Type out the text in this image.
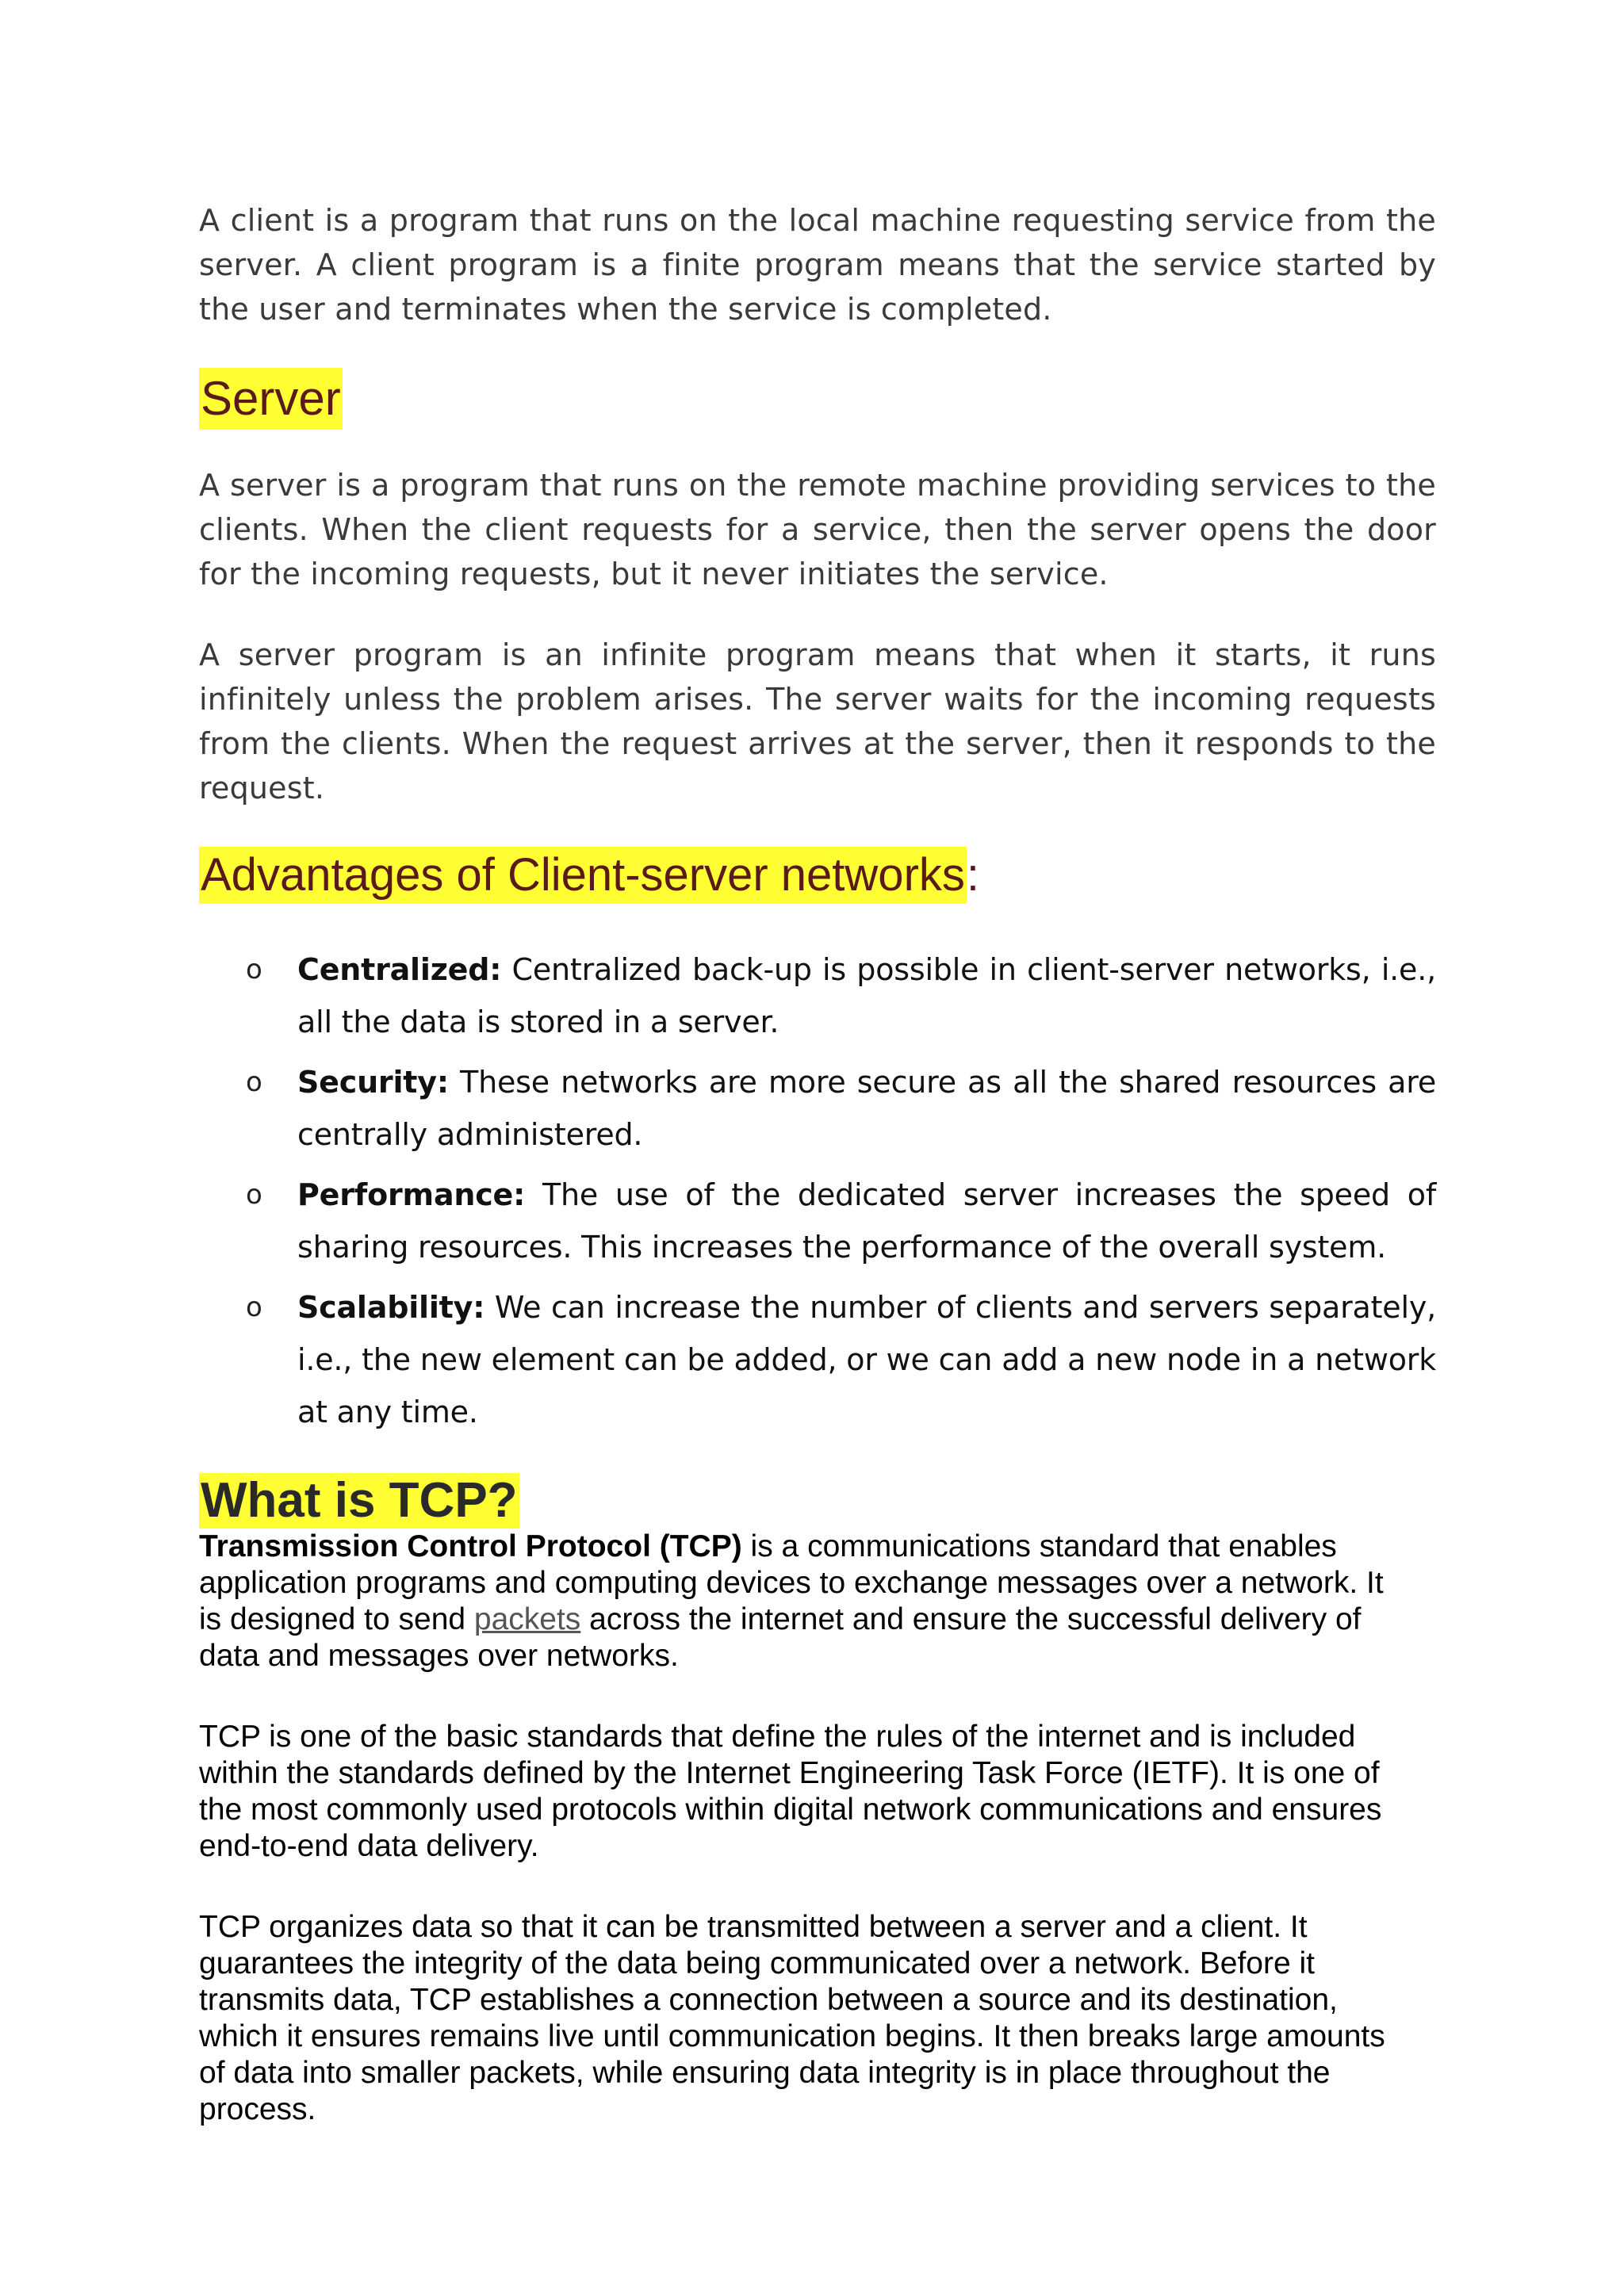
A client is a program that runs on the local machine requesting service from the server. A client program is a finite program means that the service started by the user and terminates when the service is completed.

Server

A server is a program that runs on the remote machine providing services to the clients. When the client requests for a service, then the server opens the door for the incoming requests, but it never initiates the service.

A server program is an infinite program means that when it starts, it runs infinitely unless the problem arises. The server waits for the incoming requests from the clients. When the request arrives at the server, then it responds to the request.

Advantages of Client-server networks:
o Centralized: Centralized back-up is possible in client-server networks, i.e., all the data is stored in a server.

o Security: These networks are more secure as all the shared resources are centrally administered.

o Performance: The use of the dedicated server increases the speed of sharing resources. This increases the performance of the overall system.

o Scalability: We can increase the number of clients and servers separately, i.e., the new element can be added, or we can add a new node in a network at any time.

What is TCP?

Transmission Control Protocol (TCP) is a communications standard that enables application programs and computing devices to exchange messages over a network. It is designed to send packets across the internet and ensure the successful delivery of data and messages over networks.

TCP is one of the basic standards that define the rules of the internet and is included within the standards defined by the Internet Engineering Task Force (IETF). It is one of the most commonly used protocols within digital network communications and ensures end-to-end data delivery.

TCP organizes data so that it can be transmitted between a server and a client. It guarantees the integrity of the data being communicated over a network. Before it transmits data, TCP establishes a connection between a source and its destination, which it ensures remains live until communication begins. It then breaks large amounts of data into smaller packets, while ensuring data integrity is in place throughout the process.
